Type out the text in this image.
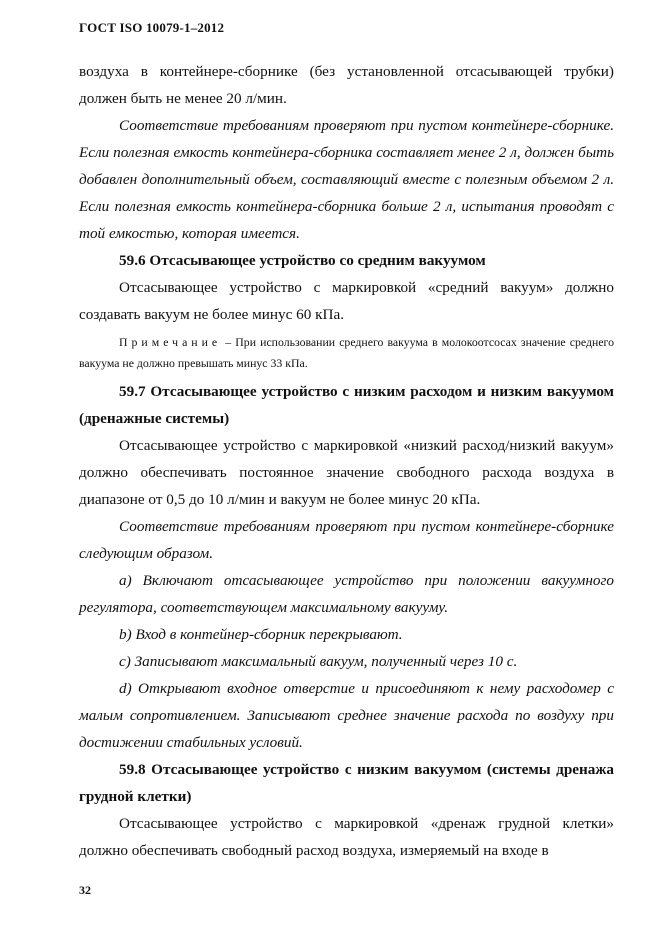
ГОСТ ISO 10079-1–2012

воздуха в контейнере-сборнике (без установленной отсасывающей трубки) должен быть не менее 20 л/мин.

Соответствие требованиям проверяют при пустом контейнере-сборнике. Если полезная емкость контейнера-сборника составляет менее 2 л, должен быть добавлен дополнительный объем, составляющий вместе с полезным объемом 2 л. Если полезная емкость контейнера-сборника больше 2 л, испытания проводят с той емкостью, которая имеется.

59.6 Отсасывающее устройство со средним вакуумом

Отсасывающее устройство с маркировкой «средний вакуум» должно создавать вакуум не более минус 60 кПа.

Примечание – При использовании среднего вакуума в молокоотсосах значение среднего вакуума не должно превышать минус 33 кПа.

59.7 Отсасывающее устройство с низким расходом и низким вакуумом (дренажные системы)

Отсасывающее устройство с маркировкой «низкий расход/низкий вакуум» должно обеспечивать постоянное значение свободного расхода воздуха в диапазоне от 0,5 до 10 л/мин и вакуум не более минус 20 кПа.

Соответствие требованиям проверяют при пустом контейнере-сборнике следующим образом.

a) Включают отсасывающее устройство при положении вакуумного регулятора, соответствующем максимальному вакууму.

b) Вход в контейнер-сборник перекрывают.

c) Записывают максимальный вакуум, полученный через 10 с.

d) Открывают входное отверстие и присоединяют к нему расходомер с малым сопротивлением. Записывают среднее значение расхода по воздуху при достижении стабильных условий.

59.8 Отсасывающее устройство с низким вакуумом (системы дренажа грудной клетки)

Отсасывающее устройство с маркировкой «дренаж грудной клетки» должно обеспечивать свободный расход воздуха, измеряемый на входе в

32
